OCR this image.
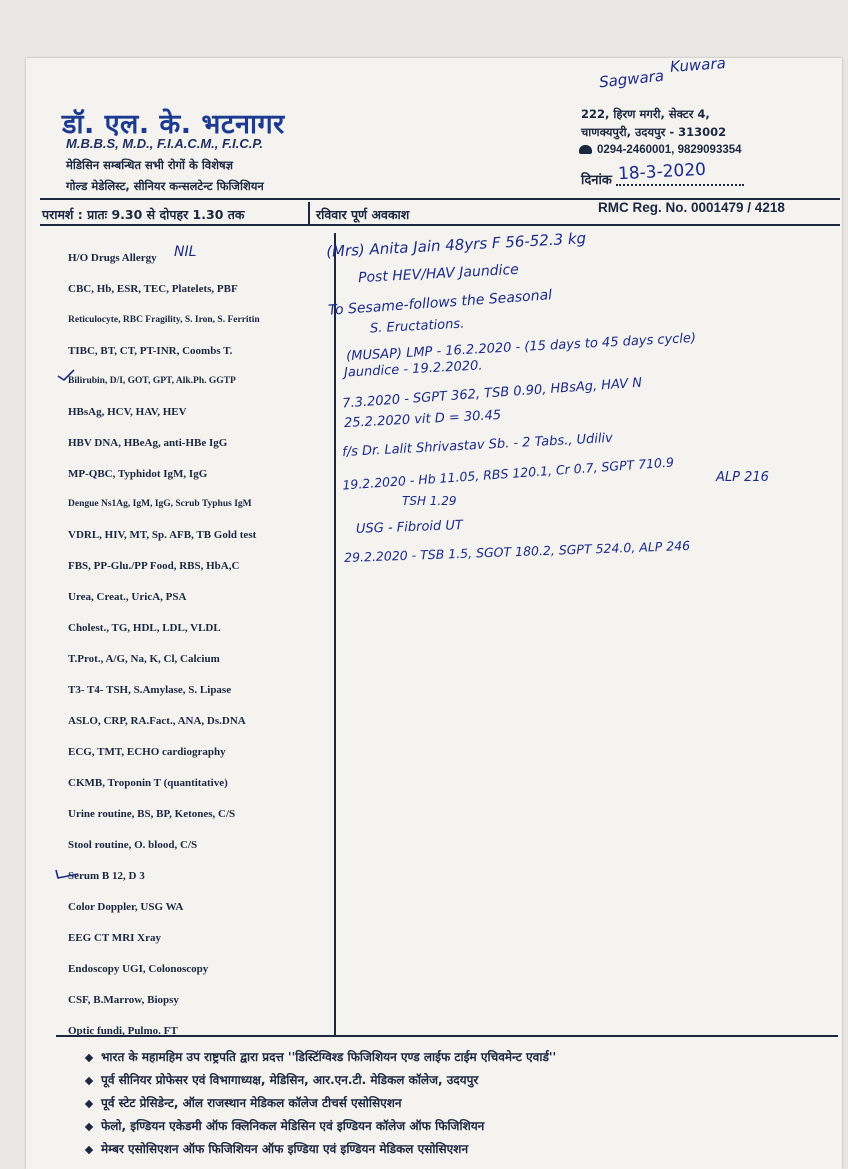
Sagwara
Kuwara
डॉ. एल. के. भटनागर
M.B.B.S, M.D., F.I.A.C.M., F.I.C.P.
मेडिसिन सम्बन्धित सभी रोगों के विशेषज्ञ
गोल्ड मेडेलिस्ट, सीनियर कन्सलटेन्ट फिजिशियन
222, हिरण मगरी, सेक्टर 4,
चाणक्यपुरी, उदयपुर - 313002
0294-2460001, 9829093354
दिनांक 18-3-2020
परामर्श : प्रातः 9.30 से दोपहर 1.30 तक	रविवार पूर्ण अवकाश	RMC Reg. No. 0001479 / 4218
H/O Drugs Allergy
CBC, Hb, ESR, TEC, Platelets, PBF
Reticulocyte, RBC Fragility, S. Iron, S. Ferritin
TIBC, BT, CT, PT-INR, Coombs T.
Bilirubin, D/I, GOT, GPT, Alk.Ph. GGTP
HBsAg, HCV, HAV, HEV
HBV DNA, HBeAg, anti-HBe IgG
MP-QBC, Typhidot IgM, IgG
Dengue Ns1Ag, IgM, IgG, Scrub Typhus IgM
VDRL, HIV, MT, Sp. AFB, TB Gold test
FBS, PP-Glu./PP Food, RBS, HbA,C
Urea, Creat., UricA, PSA
Cholest., TG, HDL, LDL, VLDL
T.Prot., A/G, Na, K, Cl, Calcium
T3- T4- TSH, S.Amylase, S. Lipase
ASLO, CRP, RA.Fact., ANA, Ds.DNA
ECG, TMT, ECHO cardiography
CKMB, Troponin T (quantitative)
Urine routine, BS, BP, Ketones, C/S
Stool routine, O. blood, C/S
Serum B 12, D 3
Color Doppler, USG WA
EEG CT MRI Xray
Endoscopy UGI, Colonoscopy
CSF, B.Marrow, Biopsy
Optic fundi, Pulmo. FT
NIL	(Mrs) Anita Jain 48yrs F 56-52.3 kg
Post HEV/HAV Jaundice
To Sesame-follows the Seasonal
S. Eructations.
(MUSAP) LMP - 16.2.2020 - (15 days to 45 days cycle)
Jaundice - 19.2.2020.
7.3.2020 - SGPT 362, TSB 0.90, HBsAg, HAV N
25.2.2020 vit D = 30.45
f/s Dr. Lalit Shrivastav Sb. - 2 Tabs., Udiliv
19.2.2020 - Hb 11.05, RBS 120.1, Cr 0.7, SGPT 710.9	ALP 216
TSH 1.29
USG - Fibroid UT
29.2.2020 - TSB 1.5, SGOT 180.2, SGPT 524.0, ALP 246
भारत के महामहिम उप राष्ट्रपति द्वारा प्रदत्त ''डिस्टिंग्विश्ड फिजिशियन एण्ड लाईफ टाईम एचिवमेन्ट एवार्ड''
पूर्व सीनियर प्रोफेसर एवं विभागाध्यक्ष, मेडिसिन, आर.एन.टी. मेडिकल कॉलेज, उदयपुर
पूर्व स्टेट प्रेसिडेन्ट, ऑल राजस्थान मेडिकल कॉलेज टीचर्स एसोसिएशन
फेलो, इण्डियन एकेडमी ऑफ क्लिनिकल मेडिसिन एवं इण्डियन कॉलेज ऑफ फिजिशियन
मेम्बर एसोसिएशन ऑफ फिजिशियन ऑफ इण्डिया एवं इण्डियन मेडिकल एसोसिएशन
